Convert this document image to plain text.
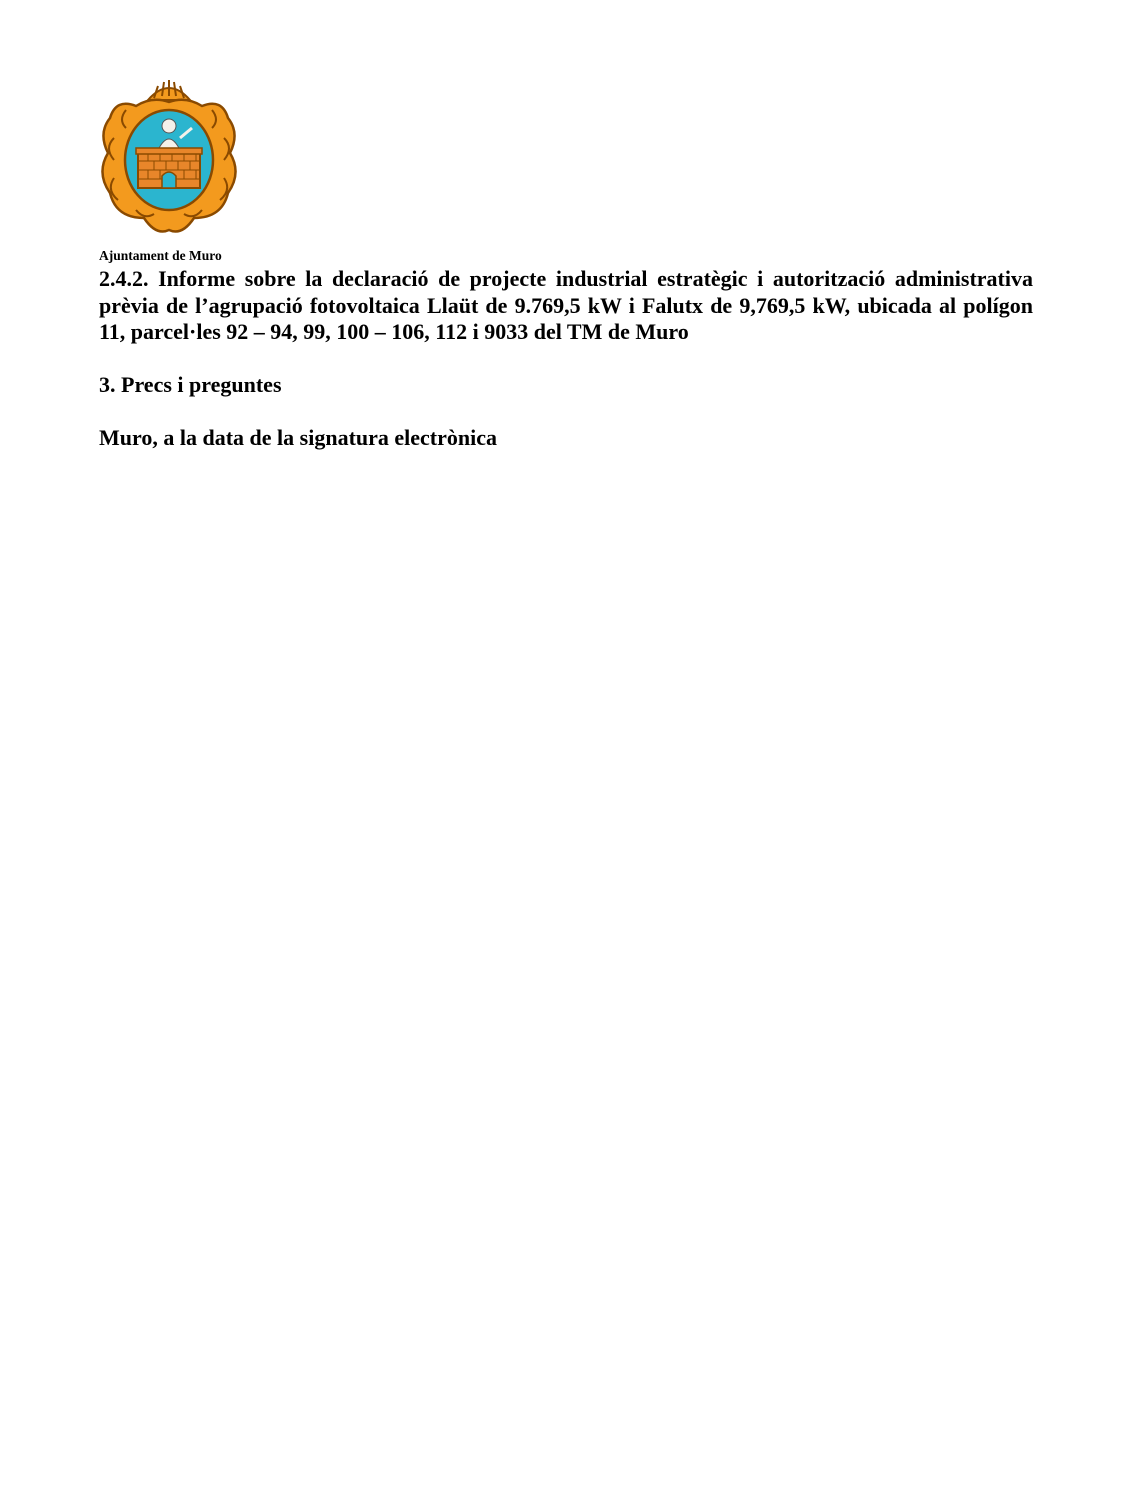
Ajuntament de Muro
2.4.2. Informe sobre la declaració de projecte industrial estratègic i autorització administrativa prèvia de l’agrupació fotovoltaica Llaüt de 9.769,5 kW i Falutx de 9,769,5 kW, ubicada al polígon 11, parcel·les 92 – 94, 99, 100 – 106, 112 i 9033 del TM de Muro
3. Precs i preguntes
Muro, a la data de la signatura electrònica
